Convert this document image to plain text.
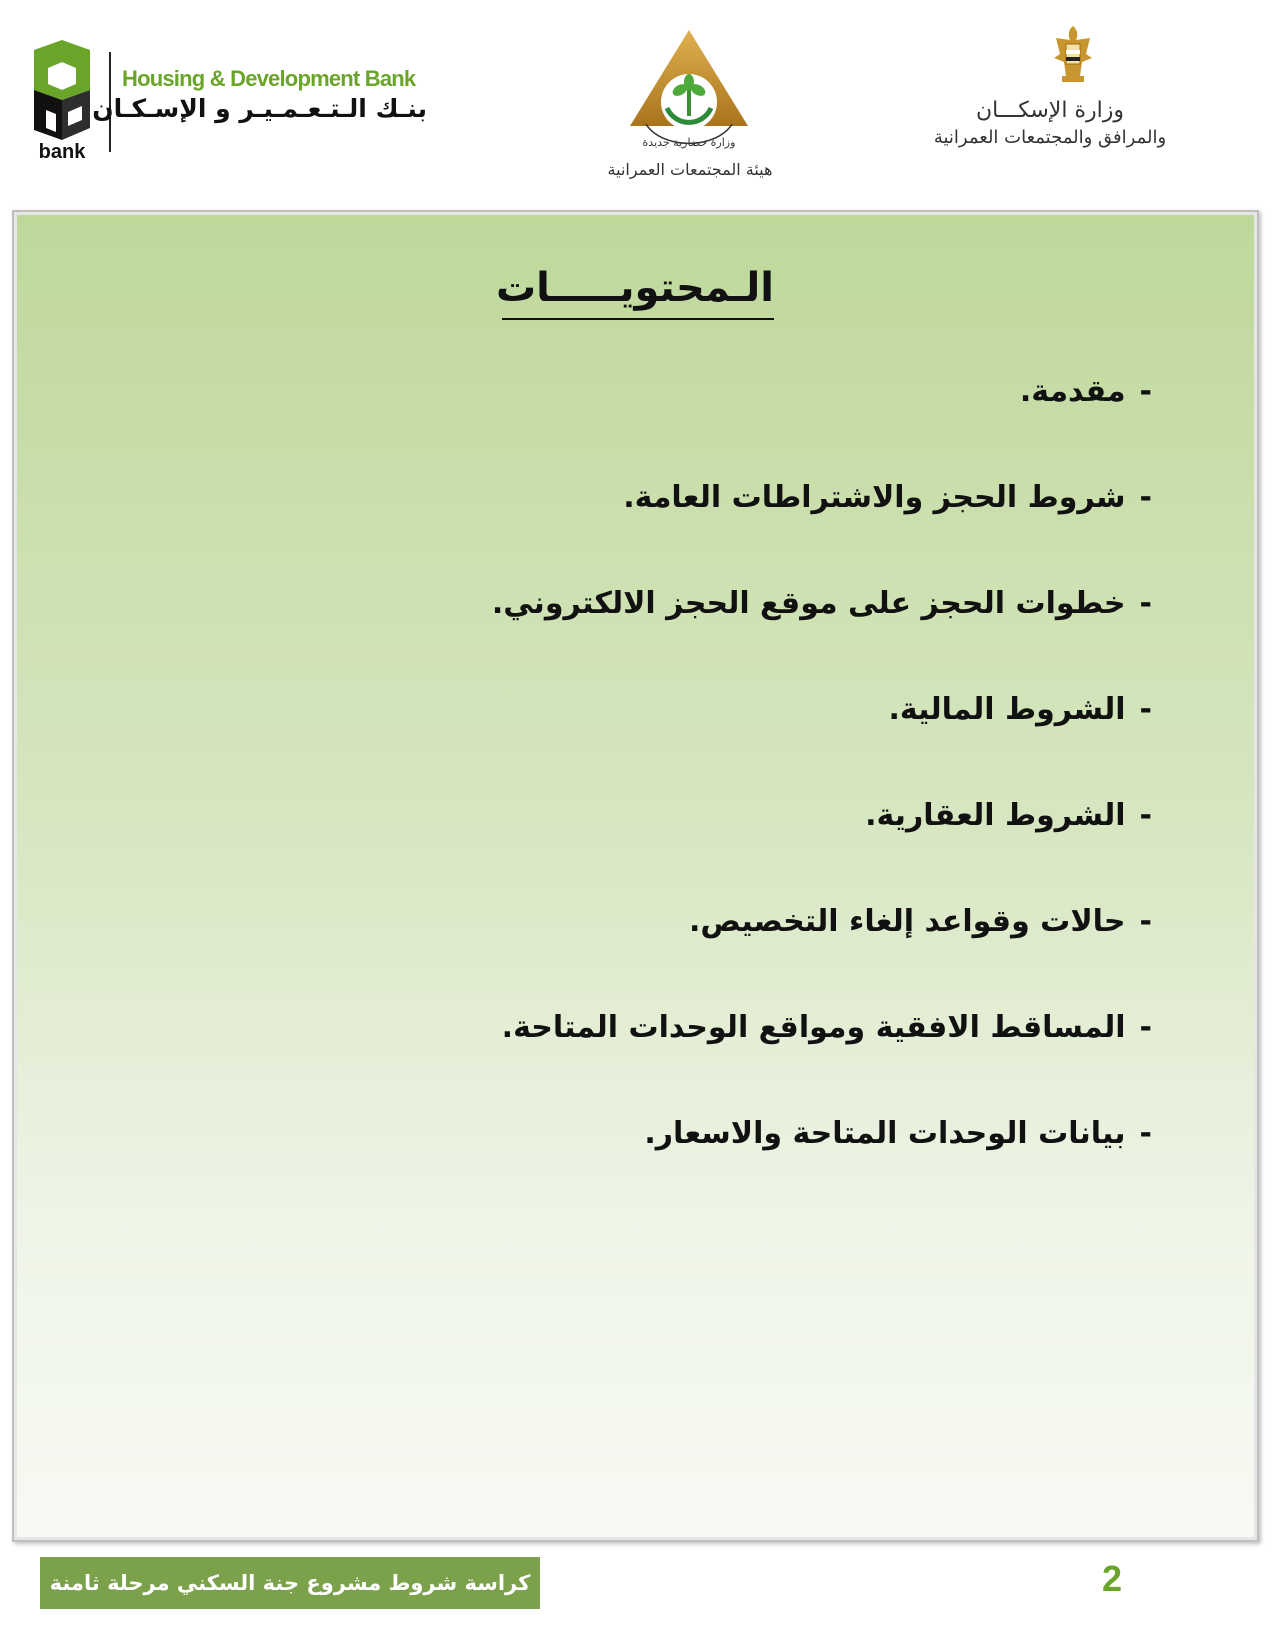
bank
Housing & Development Bank
بنـك الـتـعـمـيـر و الإسـكـان
وزارة حضارية جديدة
هيئة المجتمعات العمرانية
وزارة الإسكـــان
والمرافق والمجتمعات العمرانية
الـمحتويـــــات
-مقدمة.
-شروط الحجز والاشتراطات العامة.
-خطوات الحجز على موقع الحجز الالكتروني.
-الشروط المالية.
-الشروط العقارية.
-حالات وقواعد إلغاء التخصيص.
-المساقط الافقية ومواقع الوحدات المتاحة.
-بيانات الوحدات المتاحة والاسعار.
كراسة شروط مشروع جنة السكني مرحلة ثامنة	2
